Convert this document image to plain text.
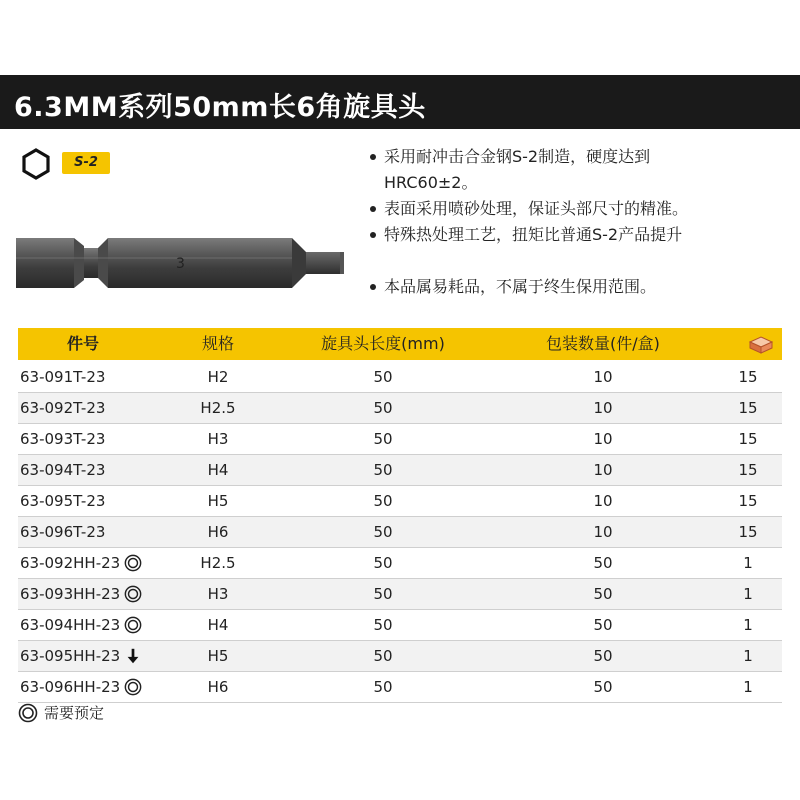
6.3MM系列50mm长6角旋具头
S-2
3
采用耐冲击合金钢S-2制造，硬度达到
HRC60±2。
表面采用喷砂处理，保证头部尺寸的精准。
特殊热处理工艺，扭矩比普通S-2产品提升
本品属易耗品，不属于终生保用范围。
件号	规格	旋具头长度(mm)	包装数量(件/盒)
63-091T-23	H2	50	10	15
63-092T-23	H2.5	50	10	15
63-093T-23	H3	50	10	15
63-094T-23	H4	50	10	15
63-095T-23	H5	50	10	15
63-096T-23	H6	50	10	15
63-092HH-23	H2.5	50	50	1
63-093HH-23	H3	50	50	1
63-094HH-23	H4	50	50	1
63-095HH-23	H5	50	50	1
63-096HH-23	H6	50	50	1
需要预定
